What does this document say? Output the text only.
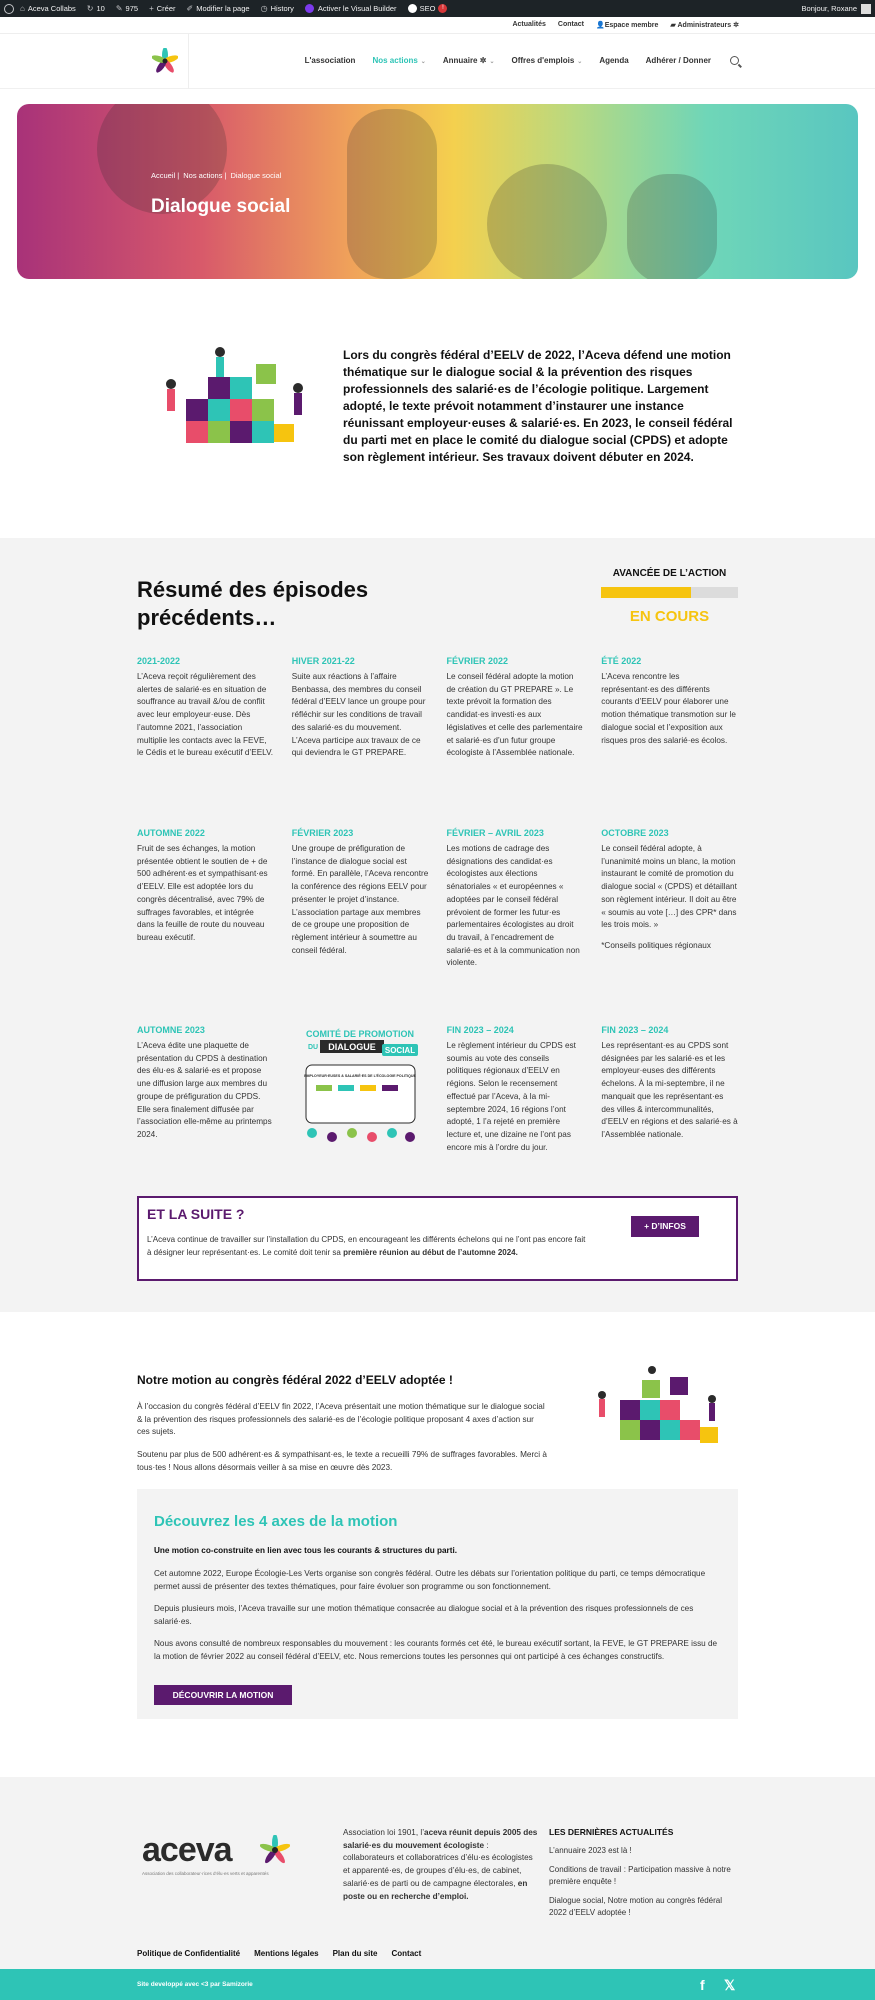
⌂ Aceva Collabs ↻ 10 ✎ 975 + Créer ✐ Modifier la page ◷ History	Activer le Visual Builder	SEO	!	Bonjour, Roxane
Actualités Contact 👤Espace membre ▰ Administrateurs ✲
L'association Nos actions ⌄ Annuaire ✲ ⌄ Offres d'emplois ⌄ Agenda Adhérer / Donner
Accueil | Nos actions | Dialogue social
Dialogue social

Lors du congrès fédéral d’EELV de 2022, l’Aceva défend une motion thématique sur le dialogue social & la prévention des risques professionnels des salarié·es de l’écologie politique. Largement adopté, le texte prévoit notamment d’instaurer une instance réunissant employeur·euses & salarié·es. En 2023, le conseil fédéral du parti met en place le comité du dialogue social (CPDS) et adopte son règlement intérieur. Ses travaux doivent débuter en 2024.

Résumé des épisodes précédents…
AVANCÉE DE L’ACTION
EN COURS
2021-2022

L’Aceva reçoit régulièrement des alertes de salarié·es en situation de souffrance au travail &/ou de conflit avec leur employeur·euse. Dès l’automne 2021, l’association multiplie les contacts avec la FEVE, le Cédis et le bureau exécutif d’EELV.

HIVER 2021-22

Suite aux réactions à l’affaire Benbassa, des membres du conseil fédéral d’EELV lance un groupe pour réfléchir sur les conditions de travail des salarié·es du mouvement. L’Aceva participe aux travaux de ce qui deviendra le GT PREPARE.

FÉVRIER 2022

Le conseil fédéral adopte la motion de création du GT PREPARE ». Le texte prévoit la formation des candidat·es investi·es aux législatives et celle des parlementaire et salarié·es d’un futur groupe écologiste à l’Assemblée nationale.

ÉTÉ 2022

L’Aceva rencontre les représentant·es des différents courants d’EELV pour élaborer une motion thématique transmotion sur le dialogue social et l’exposition aux risques pros des salarié·es écolos.

AUTOMNE 2022

Fruit de ses échanges, la motion présentée obtient le soutien de + de 500 adhérent·es et sympathisant·es d’EELV. Elle est adoptée lors du congrès décentralisé, avec 79% de suffrages favorables, et intégrée dans la feuille de route du nouveau bureau exécutif.

FÉVRIER 2023

Une groupe de préfiguration de l’instance de dialogue social est formé. En parallèle, l’Aceva rencontre la conférence des régions EELV pour présenter le projet d’instance. L’association partage aux membres de ce groupe une proposition de règlement intérieur à soumettre au conseil fédéral.

FÉVRIER – AVRIL 2023

Les motions de cadrage des désignations des candidat·es écologistes aux élections sénatoriales « et européennes « adoptées par le conseil fédéral prévoient de former les futur·es parlementaires écologistes au droit du travail, à l’encadrement de salarié·es et à la communication non violente.

OCTOBRE 2023

Le conseil fédéral adopte, à l’unanimité moins un blanc, la motion instaurant le comité de promotion du dialogue social « (CPDS) et détaillant son règlement intérieur. Il doit au être « soumis au vote […] des CPR* dans les trois mois. »

*Conseils politiques régionaux

AUTOMNE 2023

L’Aceva édite une plaquette de présentation du CPDS à destination des élu·es & salarié·es et propose une diffusion large aux membres du groupe de préfiguration du CPDS. Elle sera finalement diffusée par l’association elle-même au printemps 2024.

COMITÉ DE PROMOTION
DU DIALOGUE SOCIAL
EMPLOYEUR·EUSES & SALARIÉ·ES DE L’ÉCOLOGIE POLITIQUE
FIN 2023 – 2024

Le règlement intérieur du CPDS est soumis au vote des conseils politiques régionaux d’EELV en régions. Selon le recensement effectué par l’Aceva, à la mi-septembre 2024, 16 régions l’ont adopté, 1 l’a rejeté en première lecture et, une dizaine ne l’ont pas encore mis à l’ordre du jour.

FIN 2023 – 2024

Les représentant·es au CPDS sont désignées par les salarié·es et les employeur·euses des différents échelons. À la mi-septembre, il ne manquait que les représentant·es des villes & intercommunalités, d’EELV en régions et des salarié·es à l’Assemblée nationale.

ET LA SUITE ?

L’Aceva continue de travailler sur l’installation du CPDS, en encourageant les différents échelons qui ne l’ont pas encore fait à désigner leur représentant·es. Le comité doit tenir sa première réunion au début de l’automne 2024.

+ D’INFOS
Notre motion au congrès fédéral 2022 d’EELV adoptée !

À l’occasion du congrès fédéral d’EELV fin 2022, l’Aceva présentait une motion thématique sur le dialogue social & la prévention des risques professionnels des salarié·es de l’écologie politique proposant 4 axes d’action sur ces sujets.

Soutenu par plus de 500 adhérent·es & sympathisant·es, le texte a recueilli 79% de suffrages favorables. Merci à tous·tes ! Nous allons désormais veiller à sa mise en œuvre dès 2023.

Découvrez les 4 axes de la motion

Une motion co-construite en lien avec tous les courants & structures du parti.

Cet automne 2022, Europe Écologie-Les Verts organise son congrès fédéral. Outre les débats sur l’orientation politique du parti, ce temps démocratique permet aussi de présenter des textes thématiques, pour faire évoluer son programme ou son fonctionnement.

Depuis plusieurs mois, l’Aceva travaille sur une motion thématique consacrée au dialogue social et à la prévention des risques professionnels de ces salarié·es.

Nous avons consulté de nombreux responsables du mouvement : les courants formés cet été, le bureau exécutif sortant, la FEVE, le GT PREPARE issu de la motion de février 2022 au conseil fédéral d’EELV, etc. Nous remercions toutes les personnes qui ont participé à ces échanges constructifs.

DÉCOUVRIR LA MOTION
aceva
Association des collaborateur·rices d’élu·es verts et apparentés

Association loi 1901, l’aceva réunit depuis 2005 des salarié·es du mouvement écologiste : collaborateurs et collaboratrices d’élu·es écologistes et apparenté·es, de groupes d’élu·es, de cabinet, salarié·es de parti ou de campagne électorales, en poste ou en recherche d’emploi.

LES DERNIÈRES ACTUALITÉS
L’annuaire 2023 est là !
Conditions de travail : Participation massive à notre première enquête !
Dialogue social, Notre motion au congrès fédéral 2022 d’EELV adoptée !
Politique de Confidentialité Mentions légales Plan du site Contact
Site developpé avec <3 par Samizorie	f 𝕏
